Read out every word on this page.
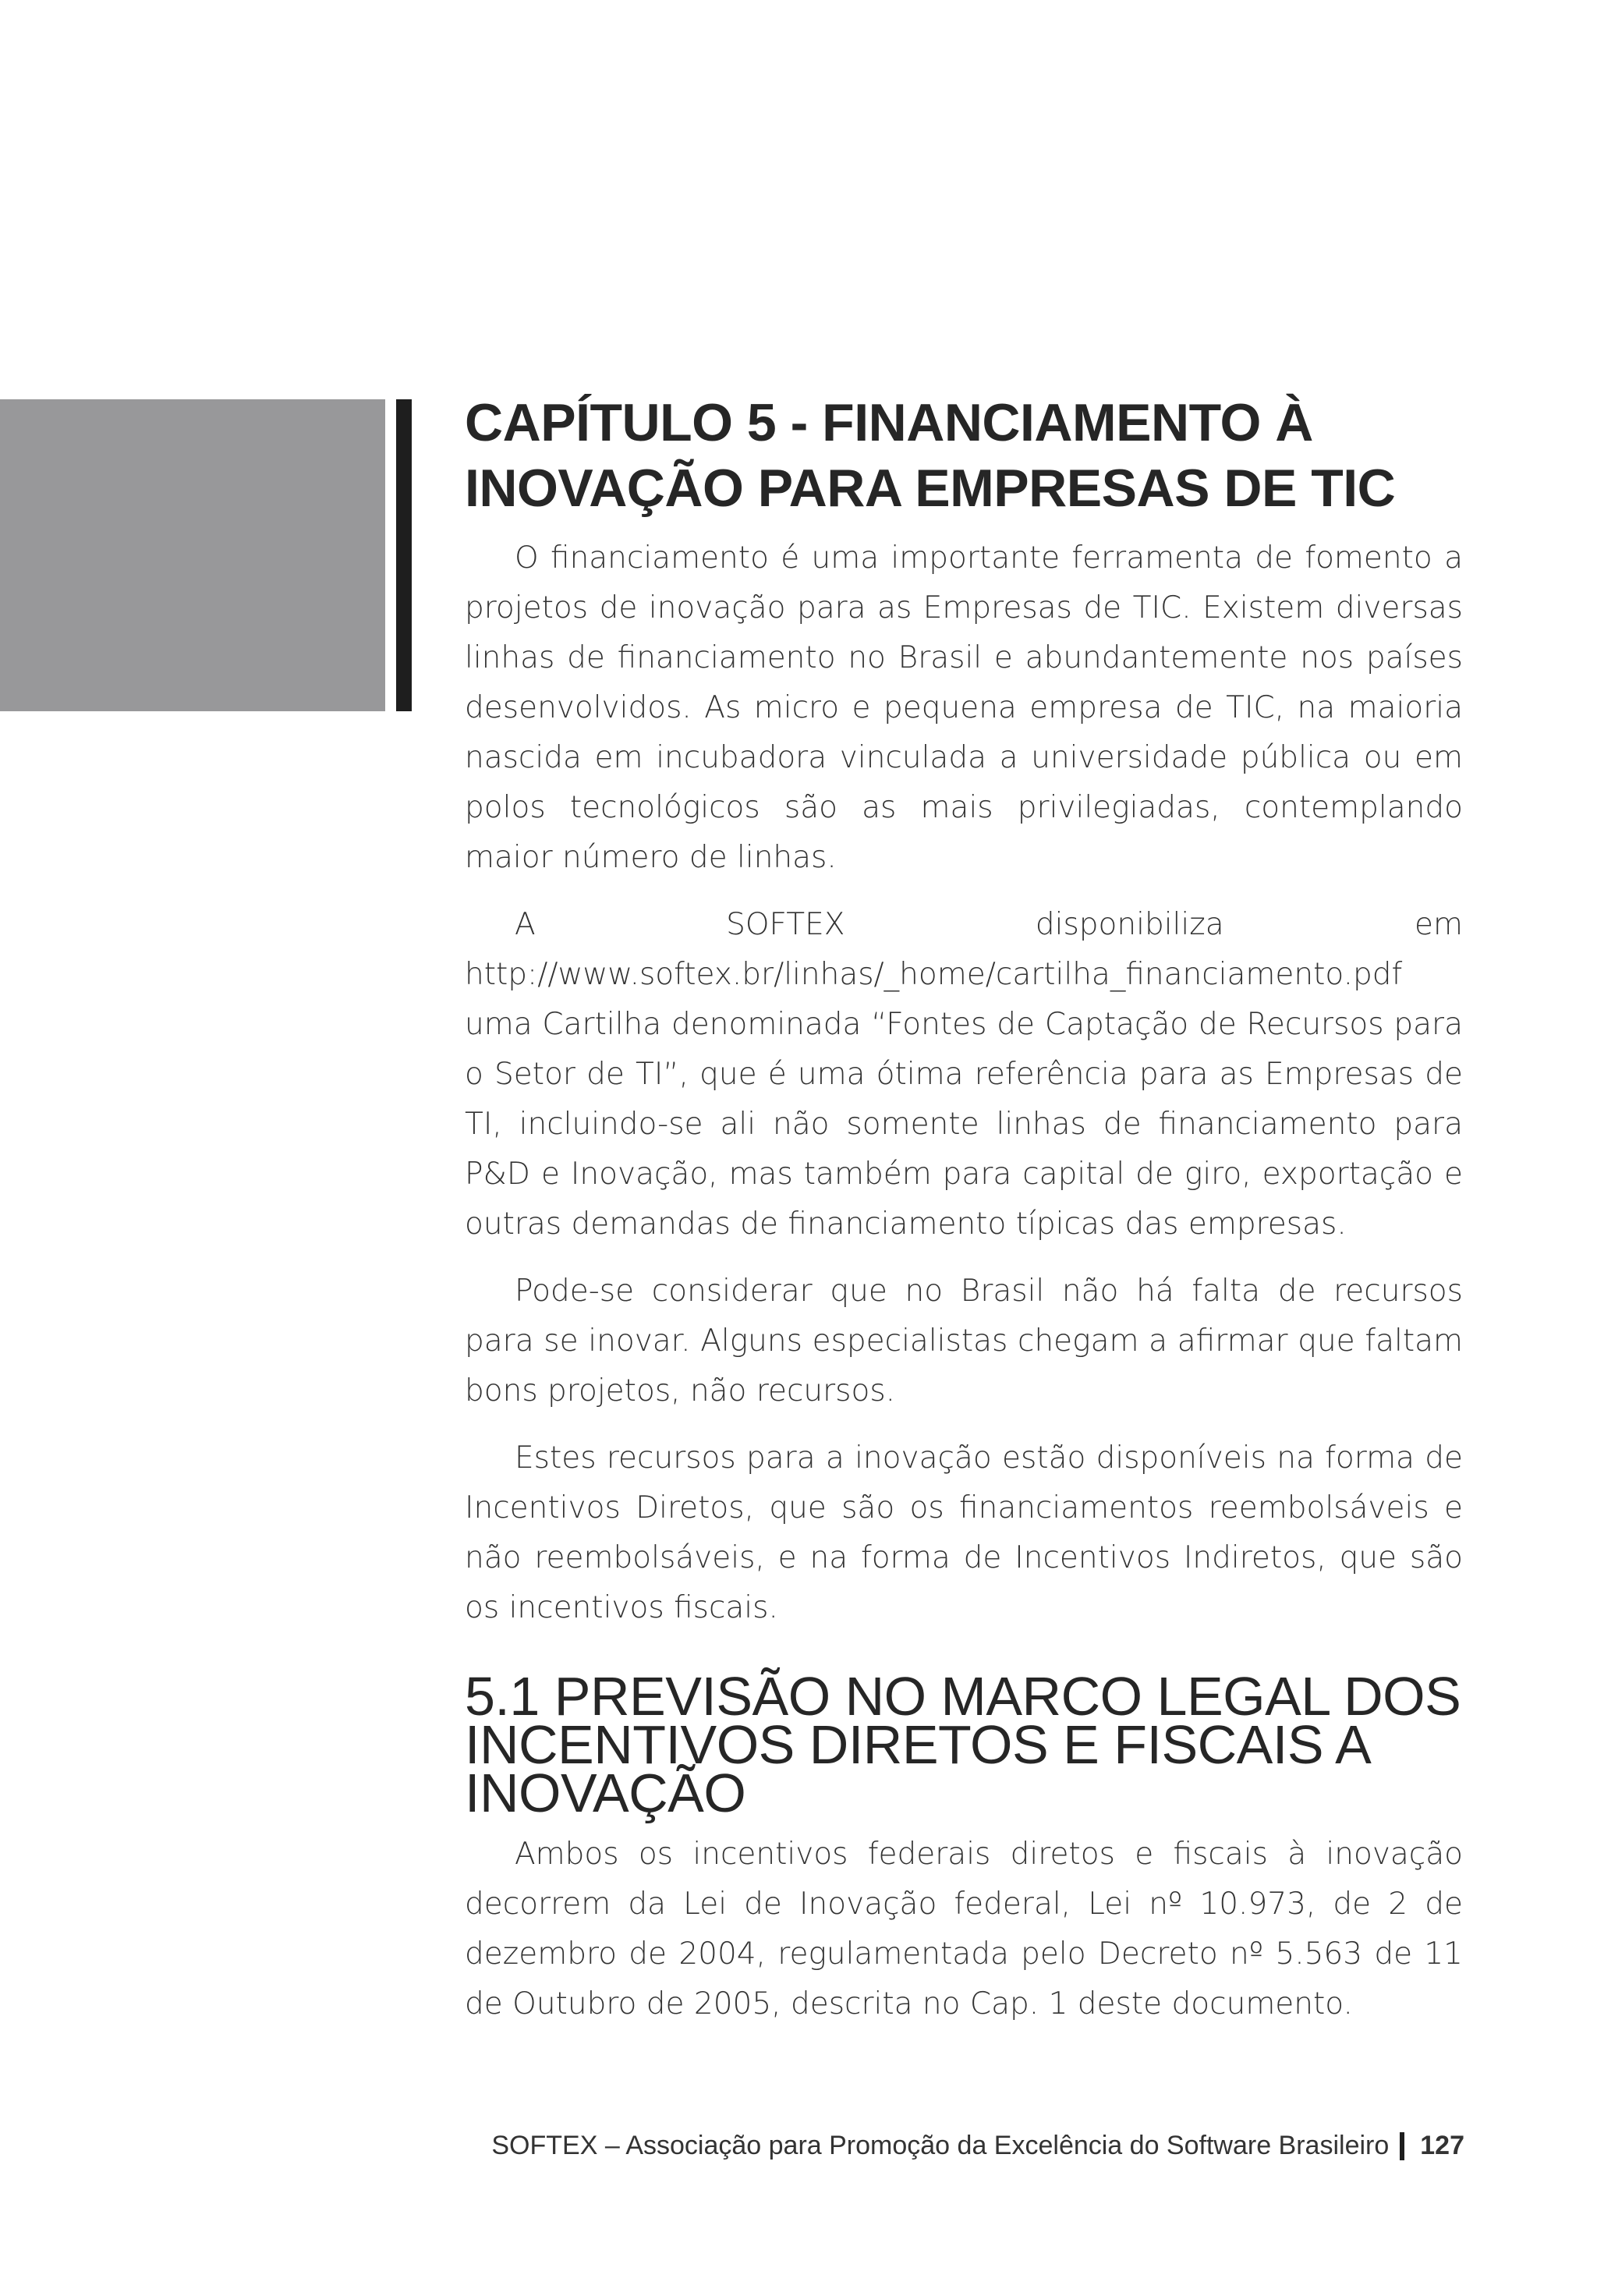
CAPÍTULO 5 - FINANCIAMENTO À
INOVAÇÃO PARA EMPRESAS DE TIC

O financiamento é uma importante ferramenta de fomento a projetos de inovação para as Empresas de TIC. Existem diversas linhas de financiamento no Brasil e abundantemente nos países desenvolvidos. As micro e pequena empresa de TIC, na maioria nascida em incubadora vinculada a universidade pública ou em polos tecnológicos são as mais privilegiadas, contemplando maior número de linhas.

A SOFTEX disponibiliza em http://www.softex.br/linhas/_home/cartilha_financiamento.pdf uma Cartilha denominada “Fontes de Captação de Recursos para o Setor de TI”, que é uma ótima referência para as Empresas de TI, incluindo-se ali não somente linhas de financiamento para P&D e Inovação, mas também para capital de giro, exportação e outras demandas de financiamento típicas das empresas.

Pode-se considerar que no Brasil não há falta de recursos para se inovar. Alguns especialistas chegam a afirmar que faltam bons projetos, não recursos.

Estes recursos para a inovação estão disponíveis na forma de Incentivos Diretos, que são os financiamentos reembolsáveis e não reembolsáveis, e na forma de Incentivos Indiretos, que são os incentivos fiscais.

5.1 PREVISÃO NO MARCO LEGAL DOS
INCENTIVOS DIRETOS E FISCAIS A
INOVAÇÃO

Ambos os incentivos federais diretos e fiscais à inovação decorrem da Lei de Inovação federal, Lei nº 10.973, de 2 de dezembro de 2004, regulamentada pelo Decreto nº 5.563 de 11 de Outubro de 2005, descrita no Cap. 1 deste documento.

SOFTEX – Associação para Promoção da Excelência do Software Brasileiro 127
